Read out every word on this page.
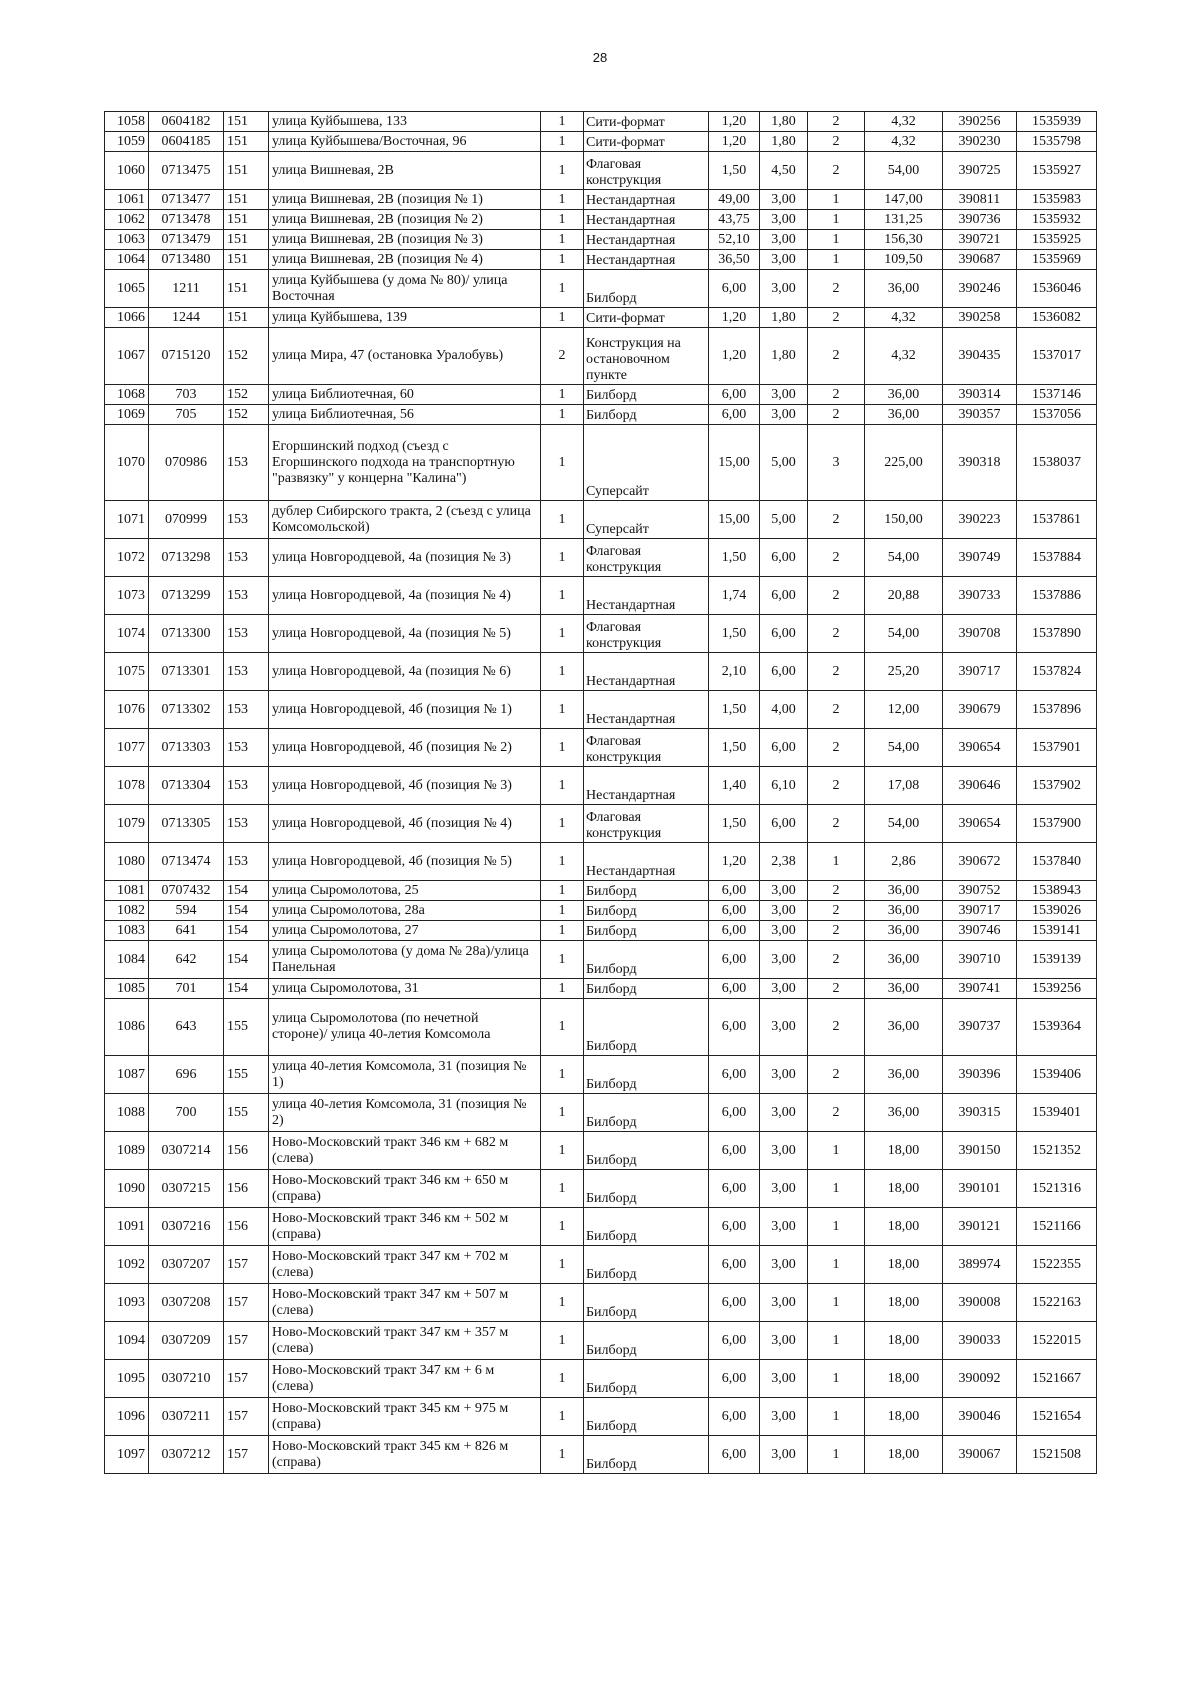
28
1058	0604182	151	улица Куйбышева, 133	1	Сити-формат	1,20	1,80	2	4,32	390256	1535939
1059	0604185	151	улица Куйбышева/Восточная, 96	1	Сити-формат	1,20	1,80	2	4,32	390230	1535798
1060	0713475	151	улица Вишневая, 2В	1	Флаговая конструкция	1,50	4,50	2	54,00	390725	1535927
1061	0713477	151	улица Вишневая, 2В (позиция № 1)	1	Нестандартная	49,00	3,00	1	147,00	390811	1535983
1062	0713478	151	улица Вишневая, 2В (позиция № 2)	1	Нестандартная	43,75	3,00	1	131,25	390736	1535932
1063	0713479	151	улица Вишневая, 2В (позиция № 3)	1	Нестандартная	52,10	3,00	1	156,30	390721	1535925
1064	0713480	151	улица Вишневая, 2В (позиция № 4)	1	Нестандартная	36,50	3,00	1	109,50	390687	1535969
1065	1211	151	улица Куйбышева (у дома № 80)/ улица Восточная	1	Билборд	6,00	3,00	2	36,00	390246	1536046
1066	1244	151	улица Куйбышева, 139	1	Сити-формат	1,20	1,80	2	4,32	390258	1536082
1067	0715120	152	улица Мира, 47 (остановка Уралобувь)	2	Конструкция на остановочном пункте	1,20	1,80	2	4,32	390435	1537017
1068	703	152	улица Библиотечная, 60	1	Билборд	6,00	3,00	2	36,00	390314	1537146
1069	705	152	улица Библиотечная, 56	1	Билборд	6,00	3,00	2	36,00	390357	1537056
1070	070986	153	Егоршинский подход (съезд с Егоршинского подхода на транспортную "развязку" у концерна "Калина")	1	Суперсайт	15,00	5,00	3	225,00	390318	1538037
1071	070999	153	дублер Сибирского тракта, 2 (съезд с улица Комсомольской)	1	Суперсайт	15,00	5,00	2	150,00	390223	1537861
1072	0713298	153	улица Новгородцевой, 4а (позиция № 3)	1	Флаговая конструкция	1,50	6,00	2	54,00	390749	1537884
1073	0713299	153	улица Новгородцевой, 4а (позиция № 4)	1	Нестандартная	1,74	6,00	2	20,88	390733	1537886
1074	0713300	153	улица Новгородцевой, 4а (позиция № 5)	1	Флаговая конструкция	1,50	6,00	2	54,00	390708	1537890
1075	0713301	153	улица Новгородцевой, 4а (позиция № 6)	1	Нестандартная	2,10	6,00	2	25,20	390717	1537824
1076	0713302	153	улица Новгородцевой, 4б (позиция № 1)	1	Нестандартная	1,50	4,00	2	12,00	390679	1537896
1077	0713303	153	улица Новгородцевой, 4б (позиция № 2)	1	Флаговая конструкция	1,50	6,00	2	54,00	390654	1537901
1078	0713304	153	улица Новгородцевой, 4б (позиция № 3)	1	Нестандартная	1,40	6,10	2	17,08	390646	1537902
1079	0713305	153	улица Новгородцевой, 4б (позиция № 4)	1	Флаговая конструкция	1,50	6,00	2	54,00	390654	1537900
1080	0713474	153	улица Новгородцевой, 4б (позиция № 5)	1	Нестандартная	1,20	2,38	1	2,86	390672	1537840
1081	0707432	154	улица Сыромолотова, 25	1	Билборд	6,00	3,00	2	36,00	390752	1538943
1082	594	154	улица Сыромолотова, 28а	1	Билборд	6,00	3,00	2	36,00	390717	1539026
1083	641	154	улица Сыромолотова, 27	1	Билборд	6,00	3,00	2	36,00	390746	1539141
1084	642	154	улица Сыромолотова (у дома № 28а)/улица Панельная	1	Билборд	6,00	3,00	2	36,00	390710	1539139
1085	701	154	улица Сыромолотова, 31	1	Билборд	6,00	3,00	2	36,00	390741	1539256
1086	643	155	улица Сыромолотова (по нечетной стороне)/ улица 40-летия Комсомола	1	Билборд	6,00	3,00	2	36,00	390737	1539364
1087	696	155	улица 40-летия Комсомола, 31 (позиция № 1)	1	Билборд	6,00	3,00	2	36,00	390396	1539406
1088	700	155	улица 40-летия Комсомола, 31 (позиция № 2)	1	Билборд	6,00	3,00	2	36,00	390315	1539401
1089	0307214	156	Ново-Московский тракт 346 км + 682 м (слева)	1	Билборд	6,00	3,00	1	18,00	390150	1521352
1090	0307215	156	Ново-Московский тракт 346 км + 650 м (справа)	1	Билборд	6,00	3,00	1	18,00	390101	1521316
1091	0307216	156	Ново-Московский тракт 346 км + 502 м (справа)	1	Билборд	6,00	3,00	1	18,00	390121	1521166
1092	0307207	157	Ново-Московский тракт 347 км + 702 м (слева)	1	Билборд	6,00	3,00	1	18,00	389974	1522355
1093	0307208	157	Ново-Московский тракт 347 км + 507 м (слева)	1	Билборд	6,00	3,00	1	18,00	390008	1522163
1094	0307209	157	Ново-Московский тракт 347 км + 357 м (слева)	1	Билборд	6,00	3,00	1	18,00	390033	1522015
1095	0307210	157	Ново-Московский тракт 347 км + 6 м (слева)	1	Билборд	6,00	3,00	1	18,00	390092	1521667
1096	0307211	157	Ново-Московский тракт 345 км + 975 м (справа)	1	Билборд	6,00	3,00	1	18,00	390046	1521654
1097	0307212	157	Ново-Московский тракт 345 км + 826 м (справа)	1	Билборд	6,00	3,00	1	18,00	390067	1521508
